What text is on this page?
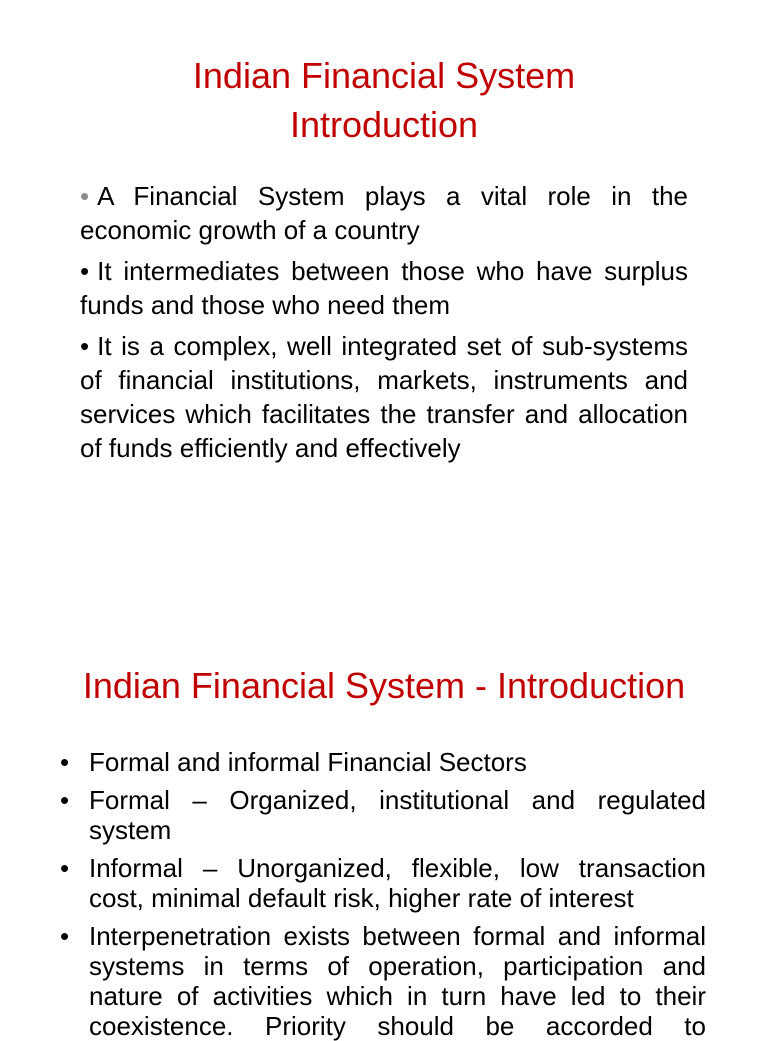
Indian Financial System
Introduction
•A Financial System plays a vital role in the
economic growth of a country
•It intermediates between those who have surplus
funds and those who need them
•It is a complex, well integrated set of sub-systems
of financial institutions, markets, instruments and
services which facilitates the transfer and allocation
of funds efficiently and effectively
Indian Financial System - Introduction
•
Formal and informal Financial Sectors
•
Formal – Organized, institutional and regulated
system
•
Informal – Unorganized, flexible, low transaction
cost, minimal default risk, higher rate of interest
•
Interpenetration exists between formal and informal
systems in terms of operation, participation and
nature of activities which in turn have led to their
coexistence. Priority should be accorded to
